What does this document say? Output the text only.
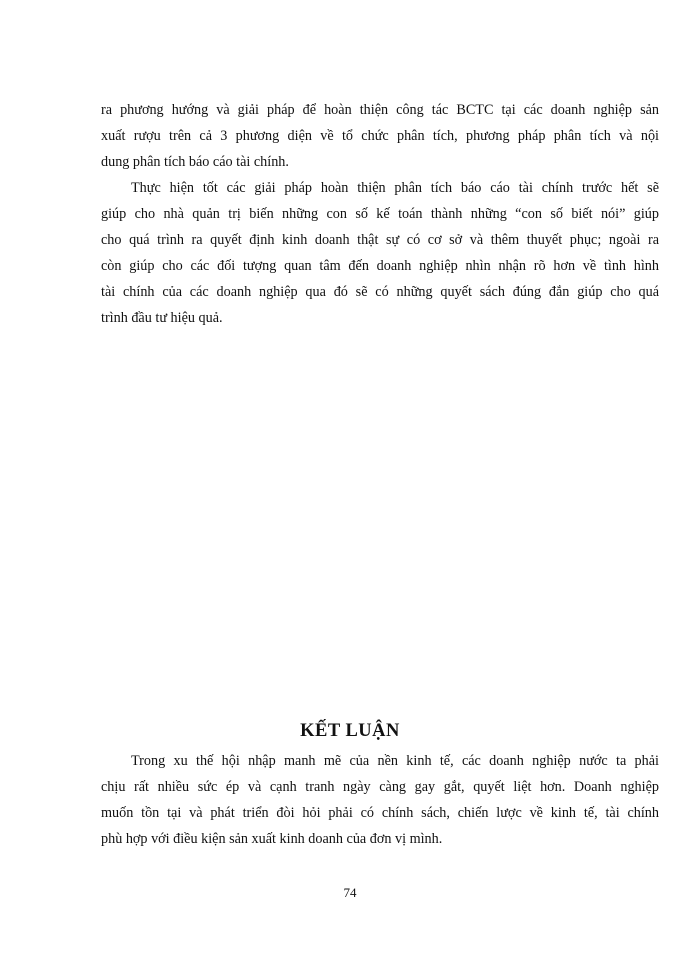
ra phương hướng và giải pháp để hoàn thiện công tác BCTC tại các doanh nghiệp sản
xuất rượu trên cả 3 phương diện về tổ chức phân tích, phương pháp phân tích và nội
dung phân tích báo cáo tài chính.
Thực hiện tốt các giải pháp hoàn thiện phân tích báo cáo tài chính trước hết sẽ
giúp cho nhà quản trị biến những con số kế toán thành những “con số biết nói” giúp
cho quá trình ra quyết định kinh doanh thật sự có cơ sở và thêm thuyết phục; ngoài ra
còn giúp cho các đối tượng quan tâm đến doanh nghiệp nhìn nhận rõ hơn về tình hình
tài chính của các doanh nghiệp qua đó sẽ có những quyết sách đúng đắn giúp cho quá
trình đầu tư hiệu quả.
KẾT LUẬN
Trong xu thế hội nhập manh mẽ của nền kinh tế, các doanh nghiệp nước ta phải
chịu rất nhiều sức ép và cạnh tranh ngày càng gay gắt, quyết liệt hơn. Doanh nghiệp
muốn tồn tại và phát triển đòi hỏi phải có chính sách, chiến lược về kinh tế, tài chính
phù hợp với điều kiện sản xuất kinh doanh của đơn vị mình.
74
